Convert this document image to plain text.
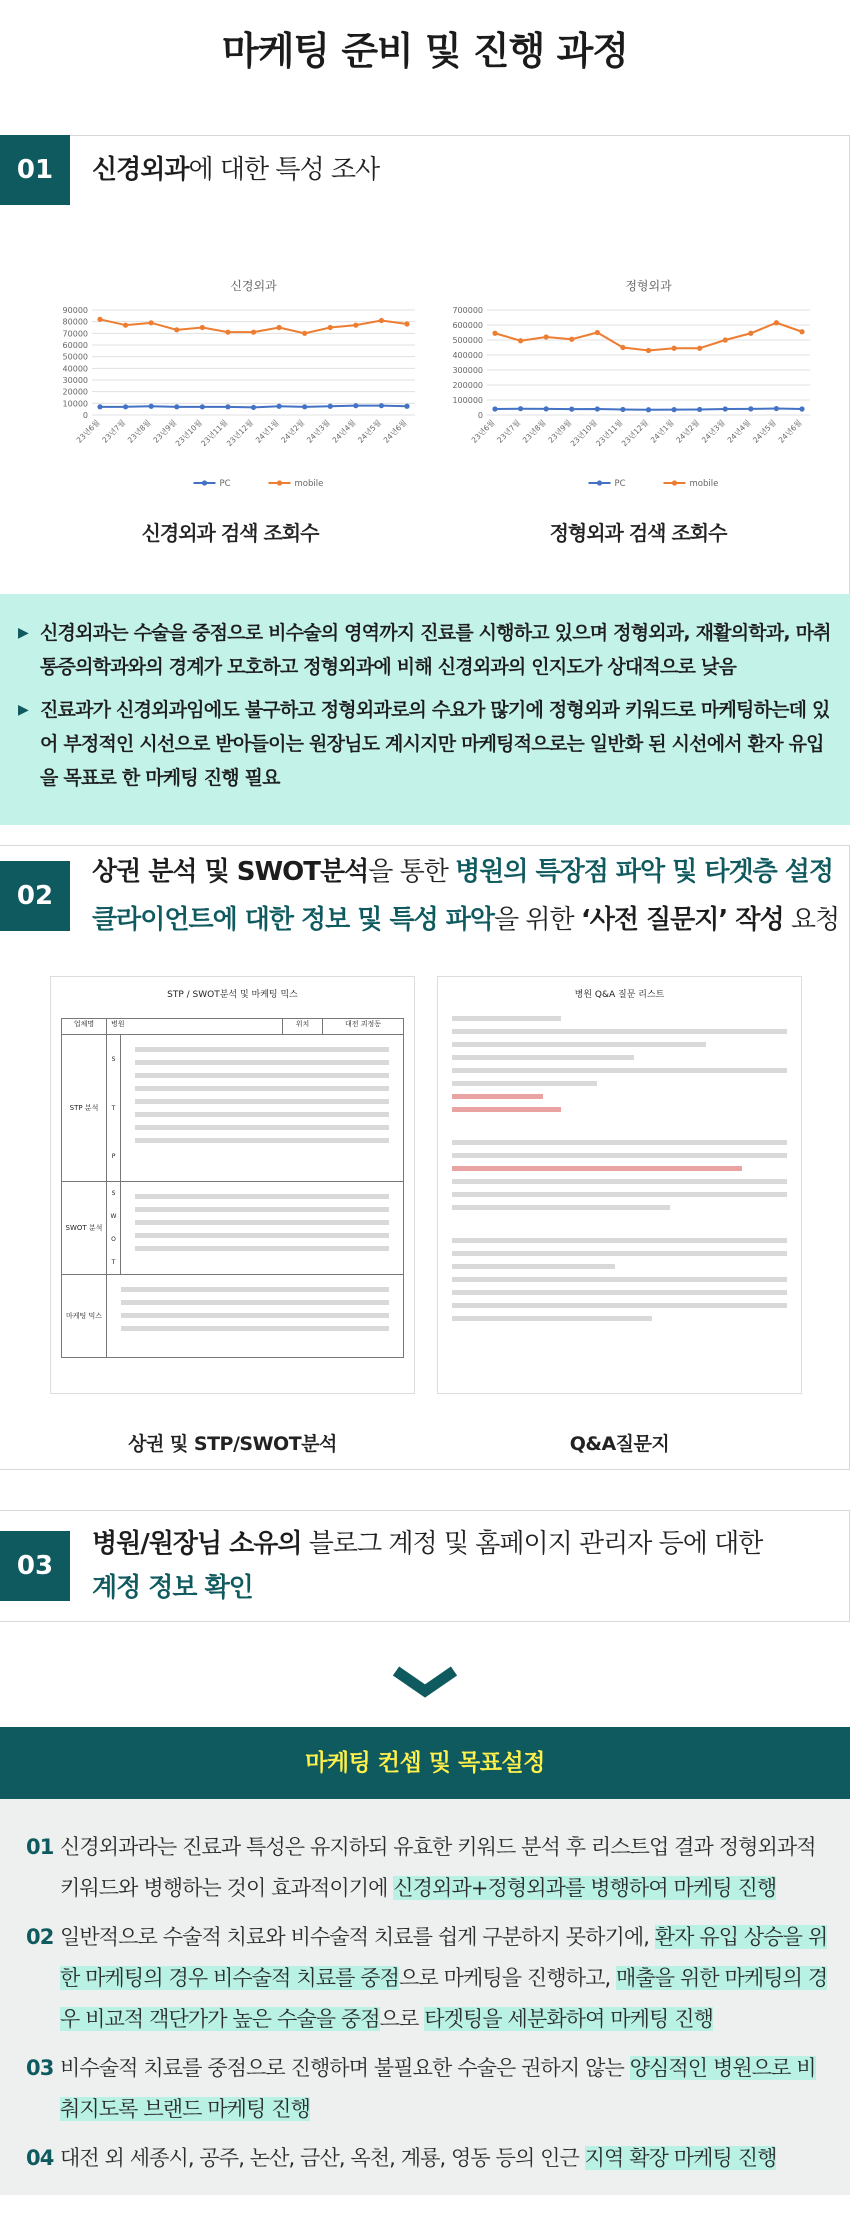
마케팅 준비 및 진행 과정
01	신경외과에 대한 특성 조사
신경외과
0
10000
20000
30000
40000
50000
60000
70000
80000
90000
23년6월
23년7월
23년8월
23년9월
23년10월
23년11월
23년12월
24년1월
24년2월
24년3월
24년4월
24년5월
24년6월
PC	mobile
정형외과
0
100000
200000
300000
400000
500000
600000
700000
23년6월
23년7월
23년8월
23년9월
23년10월
23년11월
23년12월
24년1월
24년2월
24년3월
24년4월
24년5월
24년6월
PC	mobile
신경외과 검색 조회수	정형외과 검색 조회수
▶ 신경외과는 수술을 중점으로 비수술의 영역까지 진료를 시행하고 있으며 정형외과, 재활의학과, 마취통증의학과와의 경계가 모호하고 정형외과에 비해 신경외과의 인지도가 상대적으로 낮음
▶ 진료과가 신경외과임에도 불구하고 정형외과로의 수요가 많기에 정형외과 키워드로 마케팅하는데 있어 부정적인 시선으로 받아들이는 원장님도 계시지만 마케팅적으로는 일반화 된 시선에서 환자 유입을 목표로 한 마케팅 진행 필요
02
상권 분석 및 SWOT분석을 통한 병원의 특장점 파악 및 타겟층 설정
클라이언트에 대한 정보 및 특성 파악을 위한 ‘사전 질문지’ 작성 요청
STP / SWOT분석 및 마케팅 믹스
업체명	병원	위치	대전 괴정동
STP 분석
S
T
P
SWOT 분석
S
W
O
T
마케팅 믹스
병원 Q&A 질문 리스트
상권 및 STP/SWOT분석	Q&A질문지
03
병원/원장님 소유의 블로그 계정 및 홈페이지 관리자 등에 대한
계정 정보 확인
마케팅 컨셉 및 목표설정
01 신경외과라는 진료과 특성은 유지하되 유효한 키워드 분석 후 리스트업 결과 정형외과적 키워드와 병행하는 것이 효과적이기에 신경외과+정형외과를 병행하여 마케팅 진행
02 일반적으로 수술적 치료와 비수술적 치료를 쉽게 구분하지 못하기에, 환자 유입 상승을 위한 마케팅의 경우 비수술적 치료를 중점으로 마케팅을 진행하고, 매출을 위한 마케팅의 경우 비교적 객단가가 높은 수술을 중점으로 타겟팅을 세분화하여 마케팅 진행
03 비수술적 치료를 중점으로 진행하며 불필요한 수술은 권하지 않는 양심적인 병원으로 비춰지도록 브랜드 마케팅 진행
04 대전 외 세종시, 공주, 논산, 금산, 옥천, 계룡, 영동 등의 인근 지역 확장 마케팅 진행
